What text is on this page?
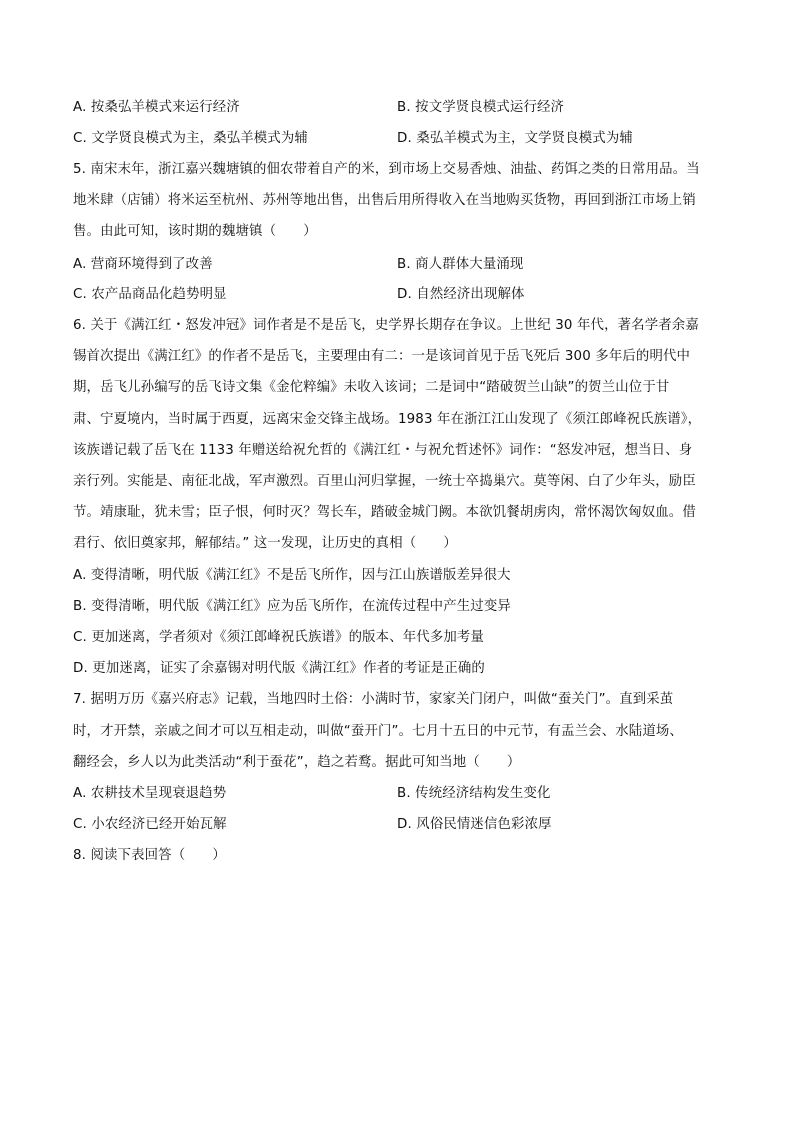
A. 按桑弘羊模式来运行经济	B. 按文学贤良模式运行经济
C. 文学贤良模式为主，桑弘羊模式为辅	D. 桑弘羊模式为主，文学贤良模式为辅
5. 南宋末年，浙江嘉兴魏塘镇的佃农带着自产的米，到市场上交易香烛、油盐、药饵之类的日常用品。当
地米肆（店铺）将米运至杭州、苏州等地出售，出售后用所得收入在当地购买货物，再回到浙江市场上销
售。由此可知，该时期的魏塘镇（　　）
A. 营商环境得到了改善	B. 商人群体大量涌现
C. 农产品商品化趋势明显	D. 自然经济出现解体
6. 关于《满江红・怒发冲冠》词作者是不是岳飞，史学界长期存在争议。上世纪 30 年代，著名学者余嘉
锡首次提出《满江红》的作者不是岳飞，主要理由有二：一是该词首见于岳飞死后 300 多年后的明代中
期，岳飞儿孙编写的岳飞诗文集《金佗粹编》未收入该词；二是词中“踏破贺兰山缺”的贺兰山位于甘
肃、宁夏境内，当时属于西夏，远离宋金交锋主战场。1983 年在浙江江山发现了《须江郎峰祝氏族谱》，
该族谱记载了岳飞在 1133 年赠送给祝允哲的《满江红・与祝允哲述怀》词作：“怒发冲冠，想当日、身
亲行列。实能是、南征北战，军声激烈。百里山河归掌握，一统士卒捣巢穴。莫等闲、白了少年头，励臣
节。靖康耻，犹未雪；臣子恨，何时灭？驾长车，踏破金城门阙。本欲饥餐胡虏肉，常怀渴饮匈奴血。借
君行、依旧奠家邦，解郁结。” 这一发现，让历史的真相（　　）
A. 变得清晰，明代版《满江红》不是岳飞所作，因与江山族谱版差异很大
B. 变得清晰，明代版《满江红》应为岳飞所作，在流传过程中产生过变异
C. 更加迷离，学者须对《须江郎峰祝氏族谱》的版本、年代多加考量
D. 更加迷离，证实了余嘉锡对明代版《满江红》作者的考证是正确的
7. 据明万历《嘉兴府志》记载，当地四时土俗：小满时节，家家关门闭户，叫做“蚕关门”。直到采茧
时，才开禁，亲戚之间才可以互相走动，叫做“蚕开门”。七月十五日的中元节，有盂兰会、水陆道场、
翻经会，乡人以为此类活动“利于蚕花”，趋之若鹜。据此可知当地（　　）
A. 农耕技术呈现衰退趋势	B. 传统经济结构发生变化
C. 小农经济已经开始瓦解	D. 风俗民情迷信色彩浓厚
8. 阅读下表回答（　　）
